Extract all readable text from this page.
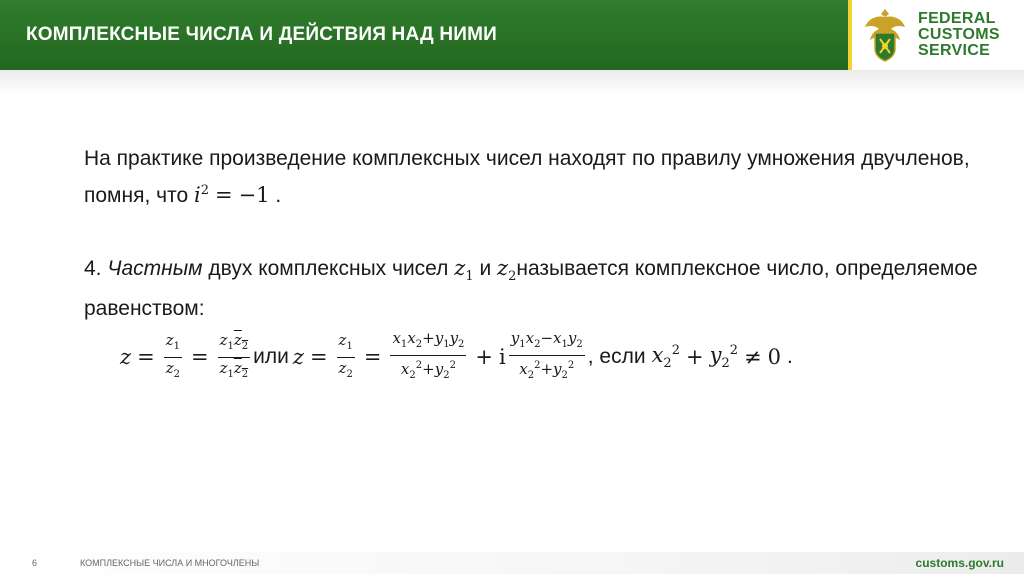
КОМПЛЕКСНЫЕ ЧИСЛА И ДЕЙСТВИЯ НАД НИМИ
FEDERAL
CUSTOMS
SERVICE

На практике произведение комплексных чисел находят по правилу умножения двучленов, помня, что $i^2 = -1$ .

4. Частным двух комплексных чисел $z_1$ и $z_2называется$ комплексное число, определяемое равенством:

$z = \frac{z_1}{z_2} = \frac{z_1z_2}{z_1z_2}$ или $z = \frac{z_1}{z_2} = \frac{x_1x_2+y_1y_2}{x_2^2+y_2^2} + i \frac{y_1x_2-x_1y_2}{x_2^2+y_2^2}$ , если $x_2^2 + y_2^2 \ne 0$ .
6	КОМПЛЕКСНЫЕ ЧИСЛА И МНОГОЧЛЕНЫ	customs.gov.ru
